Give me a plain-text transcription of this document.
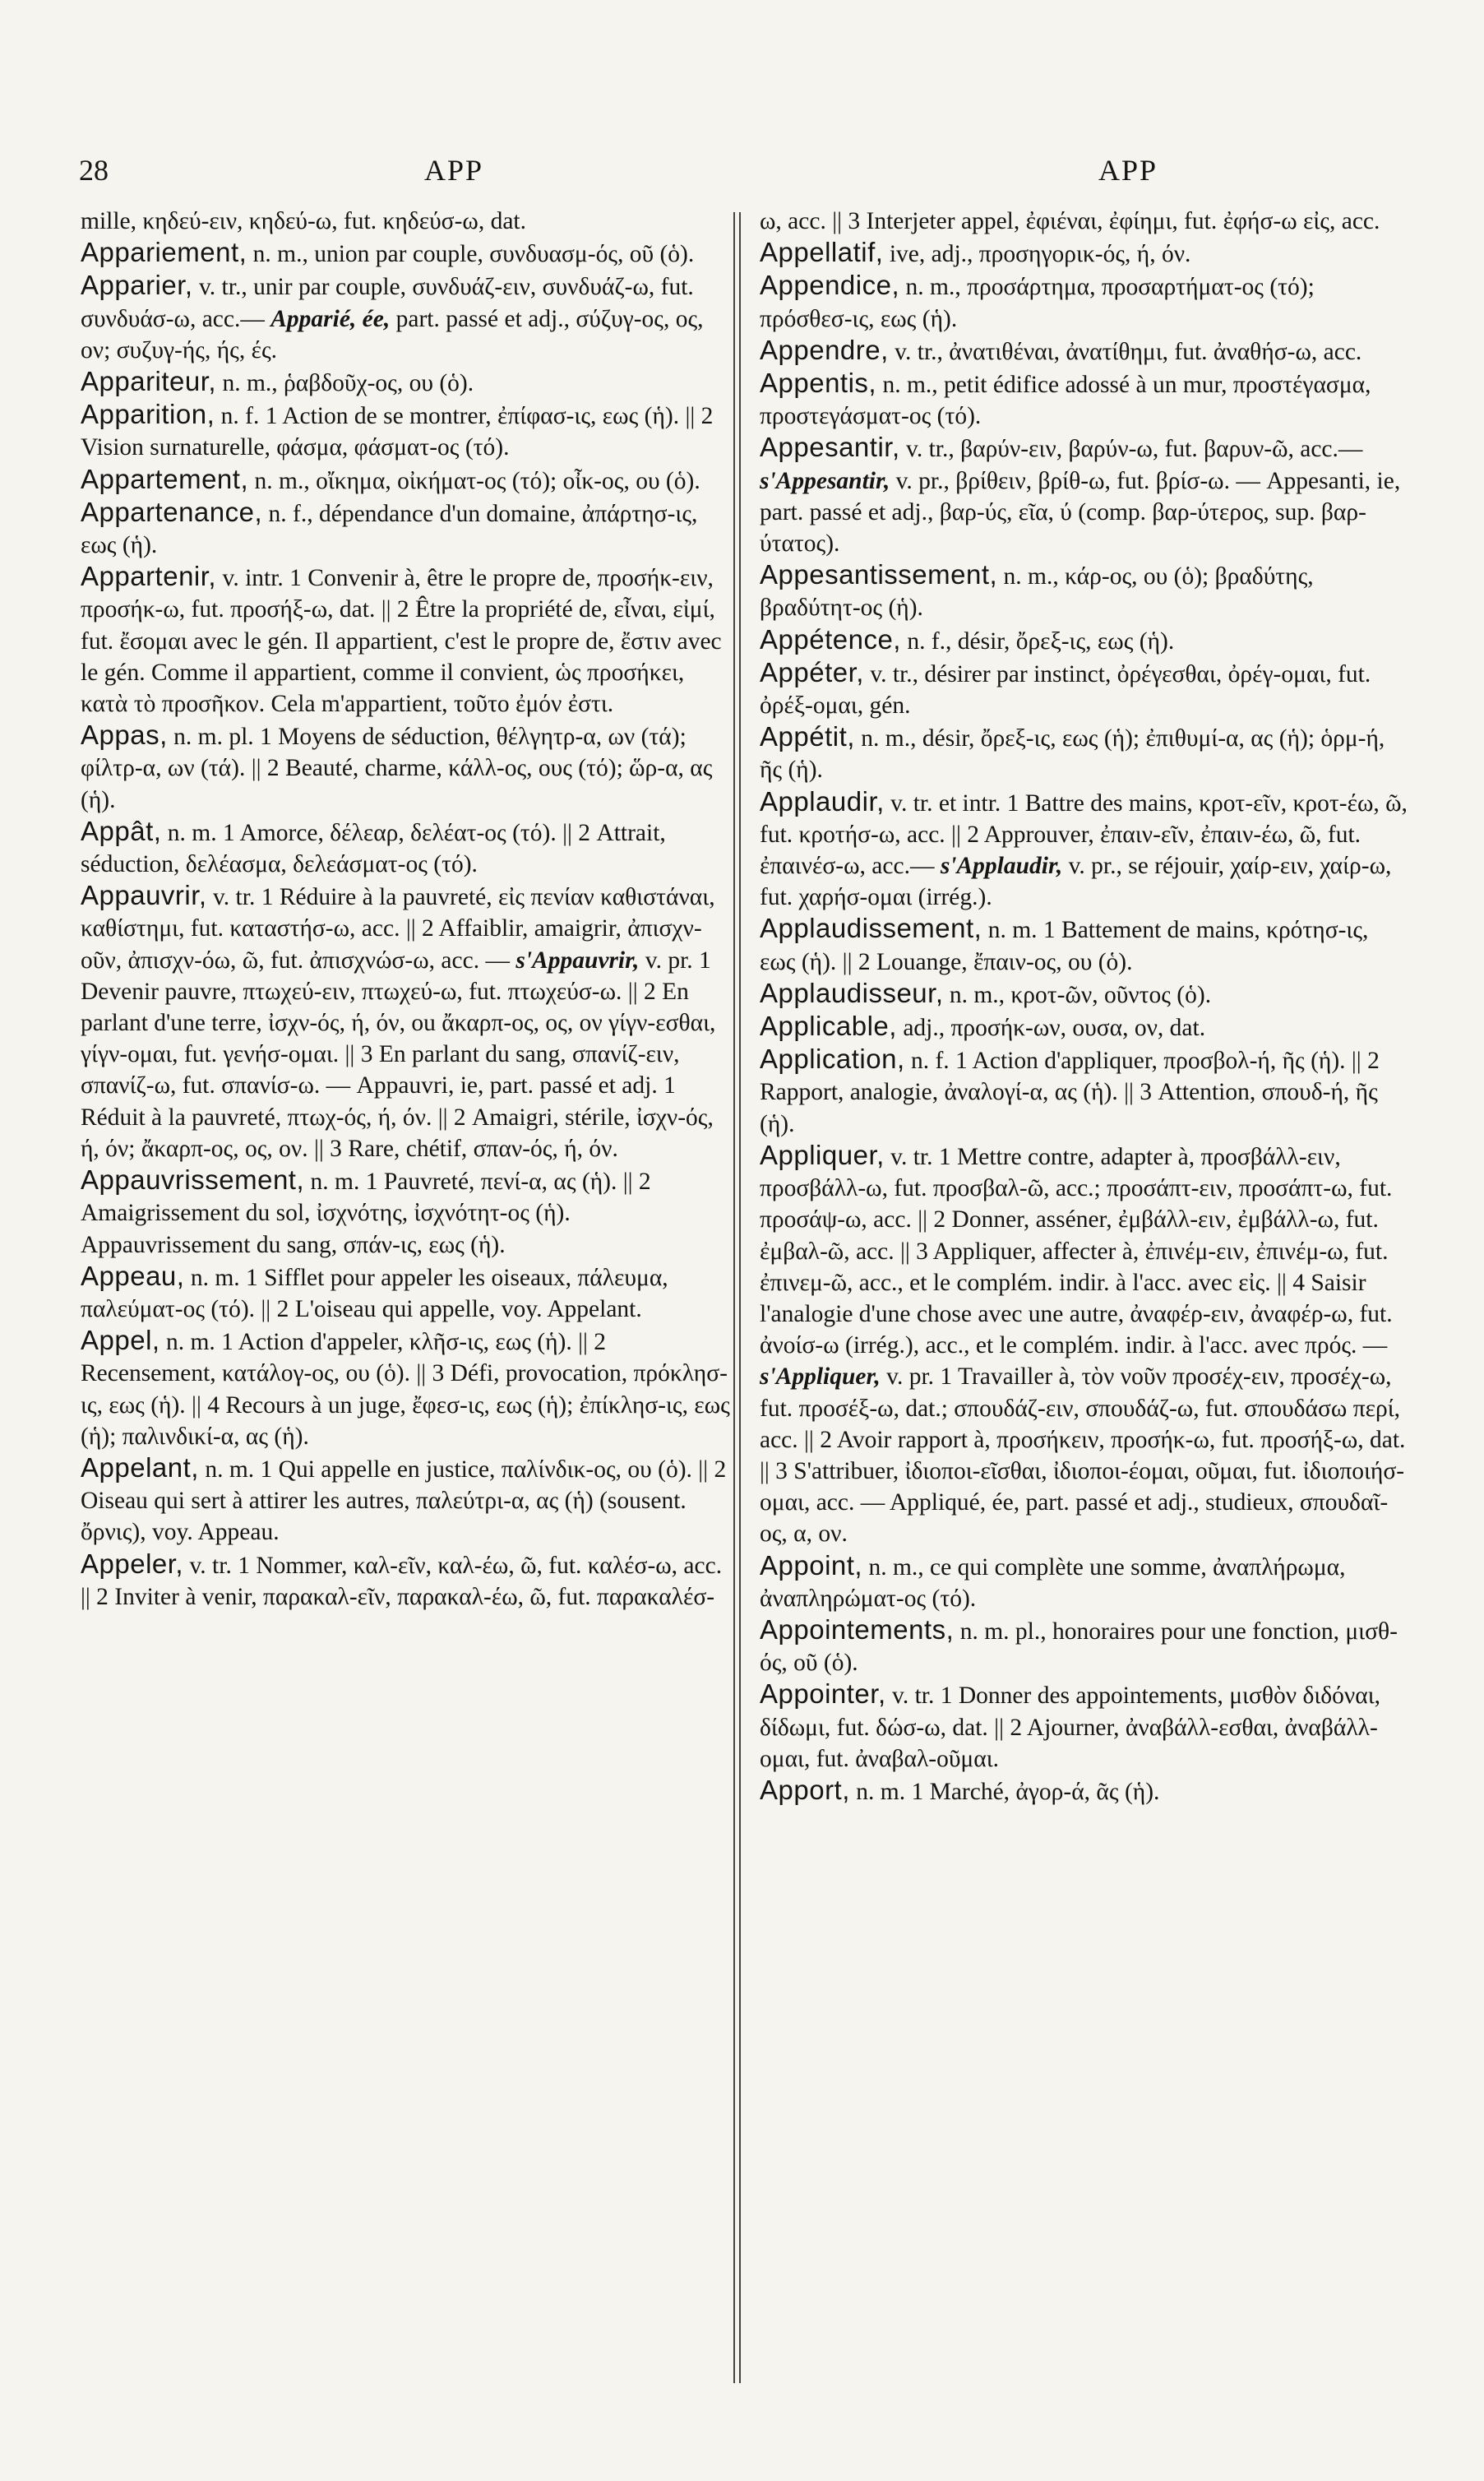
28	APP	APP

mille, κηδεύ-ειν, κηδεύ-ω, fut. κηδεύσ-ω, dat.

Appariement, n. m., union par couple, συνδυασμ-ός, οῦ (ὁ).

Apparier, v. tr., unir par couple, συνδυάζ-ειν, συνδυάζ-ω, fut. συνδυάσ-ω, acc.— Apparié, ée, part. passé et adj., σύζυγ-ος, ος, ον; συζυγ-ής, ής, ές.

Appariteur, n. m., ῥαβδοῦχ-ος, ου (ὁ).

Apparition, n. f. 1 Action de se montrer, ἐπίφασ-ις, εως (ἡ). || 2 Vision surnaturelle, φάσμα, φάσματ-ος (τό).

Appartement, n. m., οἴκημα, οἰκήματ-ος (τό); οἶκ-ος, ου (ὁ).

Appartenance, n. f., dépendance d'un domaine, ἀπάρτησ-ις, εως (ἡ).

Appartenir, v. intr. 1 Convenir à, être le propre de, προσήκ-ειν, προσήκ-ω, fut. προσήξ-ω, dat. || 2 Être la propriété de, εἶναι, εἰμί, fut. ἔσομαι avec le gén. Il appartient, c'est le propre de, ἔστιν avec le gén. Comme il appartient, comme il convient, ὡς προσήκει, κατὰ τὸ προσῆκον. Cela m'appartient, τοῦτο ἐμόν ἐστι.

Appas, n. m. pl. 1 Moyens de séduction, θέλγητρ-α, ων (τά); φίλτρ-α, ων (τά). || 2 Beauté, charme, κάλλ-ος, ους (τό); ὥρ-α, ας (ἡ).

Appât, n. m. 1 Amorce, δέλεαρ, δελέατ-ος (τό). || 2 Attrait, séduction, δελέασμα, δελεάσματ-ος (τό).

Appauvrir, v. tr. 1 Réduire à la pauvreté, εἰς πενίαν καθιστάναι, καθίστημι, fut. καταστήσ-ω, acc. || 2 Affaiblir, amaigrir, ἀπισχν-οῦν, ἀπισχν-όω, ῶ, fut. ἀπισχνώσ-ω, acc. — s'Appauvrir, v. pr. 1 Devenir pauvre, πτωχεύ-ειν, πτωχεύ-ω, fut. πτωχεύσ-ω. || 2 En parlant d'une terre, ἰσχν-ός, ή, όν, ou ἄκαρπ-ος, ος, ον γίγν-εσθαι, γίγν-ομαι, fut. γενήσ-ομαι. || 3 En parlant du sang, σπανίζ-ειν, σπανίζ-ω, fut. σπανίσ-ω. — Appauvri, ie, part. passé et adj. 1 Réduit à la pauvreté, πτωχ-ός, ή, όν. || 2 Amaigri, stérile, ἰσχν-ός, ή, όν; ἄκαρπ-ος, ος, ον. || 3 Rare, chétif, σπαν-ός, ή, όν.

Appauvrissement, n. m. 1 Pauvreté, πενί-α, ας (ἡ). || 2 Amaigrissement du sol, ἰσχνότης, ἰσχνότητ-ος (ἡ). Appauvrissement du sang, σπάν-ις, εως (ἡ).

Appeau, n. m. 1 Sifflet pour appeler les oiseaux, πάλευμα, παλεύματ-ος (τό). || 2 L'oiseau qui appelle, voy. Appelant.

Appel, n. m. 1 Action d'appeler, κλῆσ-ις, εως (ἡ). || 2 Recensement, κατάλογ-ος, ου (ὁ). || 3 Défi, provocation, πρόκλησ-ις, εως (ἡ). || 4 Recours à un juge, ἔφεσ-ις, εως (ἡ); ἐπίκλησ-ις, εως (ἡ); παλινδικί-α, ας (ἡ).

Appelant, n. m. 1 Qui appelle en justice, παλίνδικ-ος, ου (ὁ). || 2 Oiseau qui sert à attirer les autres, παλεύτρι-α, ας (ἡ) (sousent. ὄρνις), voy. Appeau.

Appeler, v. tr. 1 Nommer, καλ-εῖν, καλ-έω, ῶ, fut. καλέσ-ω, acc. || 2 Inviter à venir, παρακαλ-εῖν, παρακαλ-έω, ῶ, fut. παρακαλέσ-

ω, acc. || 3 Interjeter appel, ἐφιέναι, ἐφίημι, fut. ἐφήσ-ω εἰς, acc.

Appellatif, ive, adj., προσηγορικ-ός, ή, όν.

Appendice, n. m., προσάρτημα, προσαρτήματ-ος (τό); πρόσθεσ-ις, εως (ἡ).

Appendre, v. tr., ἀνατιθέναι, ἀνατίθημι, fut. ἀναθήσ-ω, acc.

Appentis, n. m., petit édifice adossé à un mur, προστέγασμα, προστεγάσματ-ος (τό).

Appesantir, v. tr., βαρύν-ειν, βαρύν-ω, fut. βαρυν-ῶ, acc.— s'Appesantir, v. pr., βρίθειν, βρίθ-ω, fut. βρίσ-ω. — Appesanti, ie, part. passé et adj., βαρ-ύς, εῖα, ύ (comp. βαρ-ύτερος, sup. βαρ-ύτατος).

Appesantissement, n. m., κάρ-ος, ου (ὁ); βραδύτης, βραδύτητ-ος (ἡ).

Appétence, n. f., désir, ὄρεξ-ις, εως (ἡ).

Appéter, v. tr., désirer par instinct, ὀρέγεσθαι, ὀρέγ-ομαι, fut. ὀρέξ-ομαι, gén.

Appétit, n. m., désir, ὄρεξ-ις, εως (ἡ); ἐπιθυμί-α, ας (ἡ); ὁρμ-ή, ῆς (ἡ).

Applaudir, v. tr. et intr. 1 Battre des mains, κροτ-εῖν, κροτ-έω, ῶ, fut. κροτήσ-ω, acc. || 2 Approuver, ἐπαιν-εῖν, ἐπαιν-έω, ῶ, fut. ἐπαινέσ-ω, acc.— s'Applaudir, v. pr., se réjouir, χαίρ-ειν, χαίρ-ω, fut. χαρήσ-ομαι (irrég.).

Applaudissement, n. m. 1 Battement de mains, κρότησ-ις, εως (ἡ). || 2 Louange, ἔπαιν-ος, ου (ὁ).

Applaudisseur, n. m., κροτ-ῶν, οῦντος (ὁ).

Applicable, adj., προσήκ-ων, ουσα, ον, dat.

Application, n. f. 1 Action d'appliquer, προσβολ-ή, ῆς (ἡ). || 2 Rapport, analogie, ἀναλογί-α, ας (ἡ). || 3 Attention, σπουδ-ή, ῆς (ἡ).

Appliquer, v. tr. 1 Mettre contre, adapter à, προσβάλλ-ειν, προσβάλλ-ω, fut. προσβαλ-ῶ, acc.; προσάπτ-ειν, προσάπτ-ω, fut. προσάψ-ω, acc. || 2 Donner, asséner, ἐμβάλλ-ειν, ἐμβάλλ-ω, fut. ἐμβαλ-ῶ, acc. || 3 Appliquer, affecter à, ἐπινέμ-ειν, ἐπινέμ-ω, fut. ἐπινεμ-ῶ, acc., et le complém. indir. à l'acc. avec εἰς. || 4 Saisir l'analogie d'une chose avec une autre, ἀναφέρ-ειν, ἀναφέρ-ω, fut. ἀνοίσ-ω (irrég.), acc., et le complém. indir. à l'acc. avec πρός. — s'Appliquer, v. pr. 1 Travailler à, τὸν νοῦν προσέχ-ειν, προσέχ-ω, fut. προσέξ-ω, dat.; σπουδάζ-ειν, σπουδάζ-ω, fut. σπουδάσω περί, acc. || 2 Avoir rapport à, προσήκειν, προσήκ-ω, fut. προσήξ-ω, dat. || 3 S'attribuer, ἰδιοποι-εῖσθαι, ἰδιοποι-έομαι, οῦμαι, fut. ἰδιοποιήσ-ομαι, acc. — Appliqué, ée, part. passé et adj., studieux, σπουδαῖ-ος, α, ον.

Appoint, n. m., ce qui complète une somme, ἀναπλήρωμα, ἀναπληρώματ-ος (τό).

Appointements, n. m. pl., honoraires pour une fonction, μισθ-ός, οῦ (ὁ).

Appointer, v. tr. 1 Donner des appointements, μισθὸν διδόναι, δίδωμι, fut. δώσ-ω, dat. || 2 Ajourner, ἀναβάλλ-εσθαι, ἀναβάλλ-ομαι, fut. ἀναβαλ-οῦμαι.

Apport, n. m. 1 Marché, ἀγορ-ά, ᾶς (ἡ).
